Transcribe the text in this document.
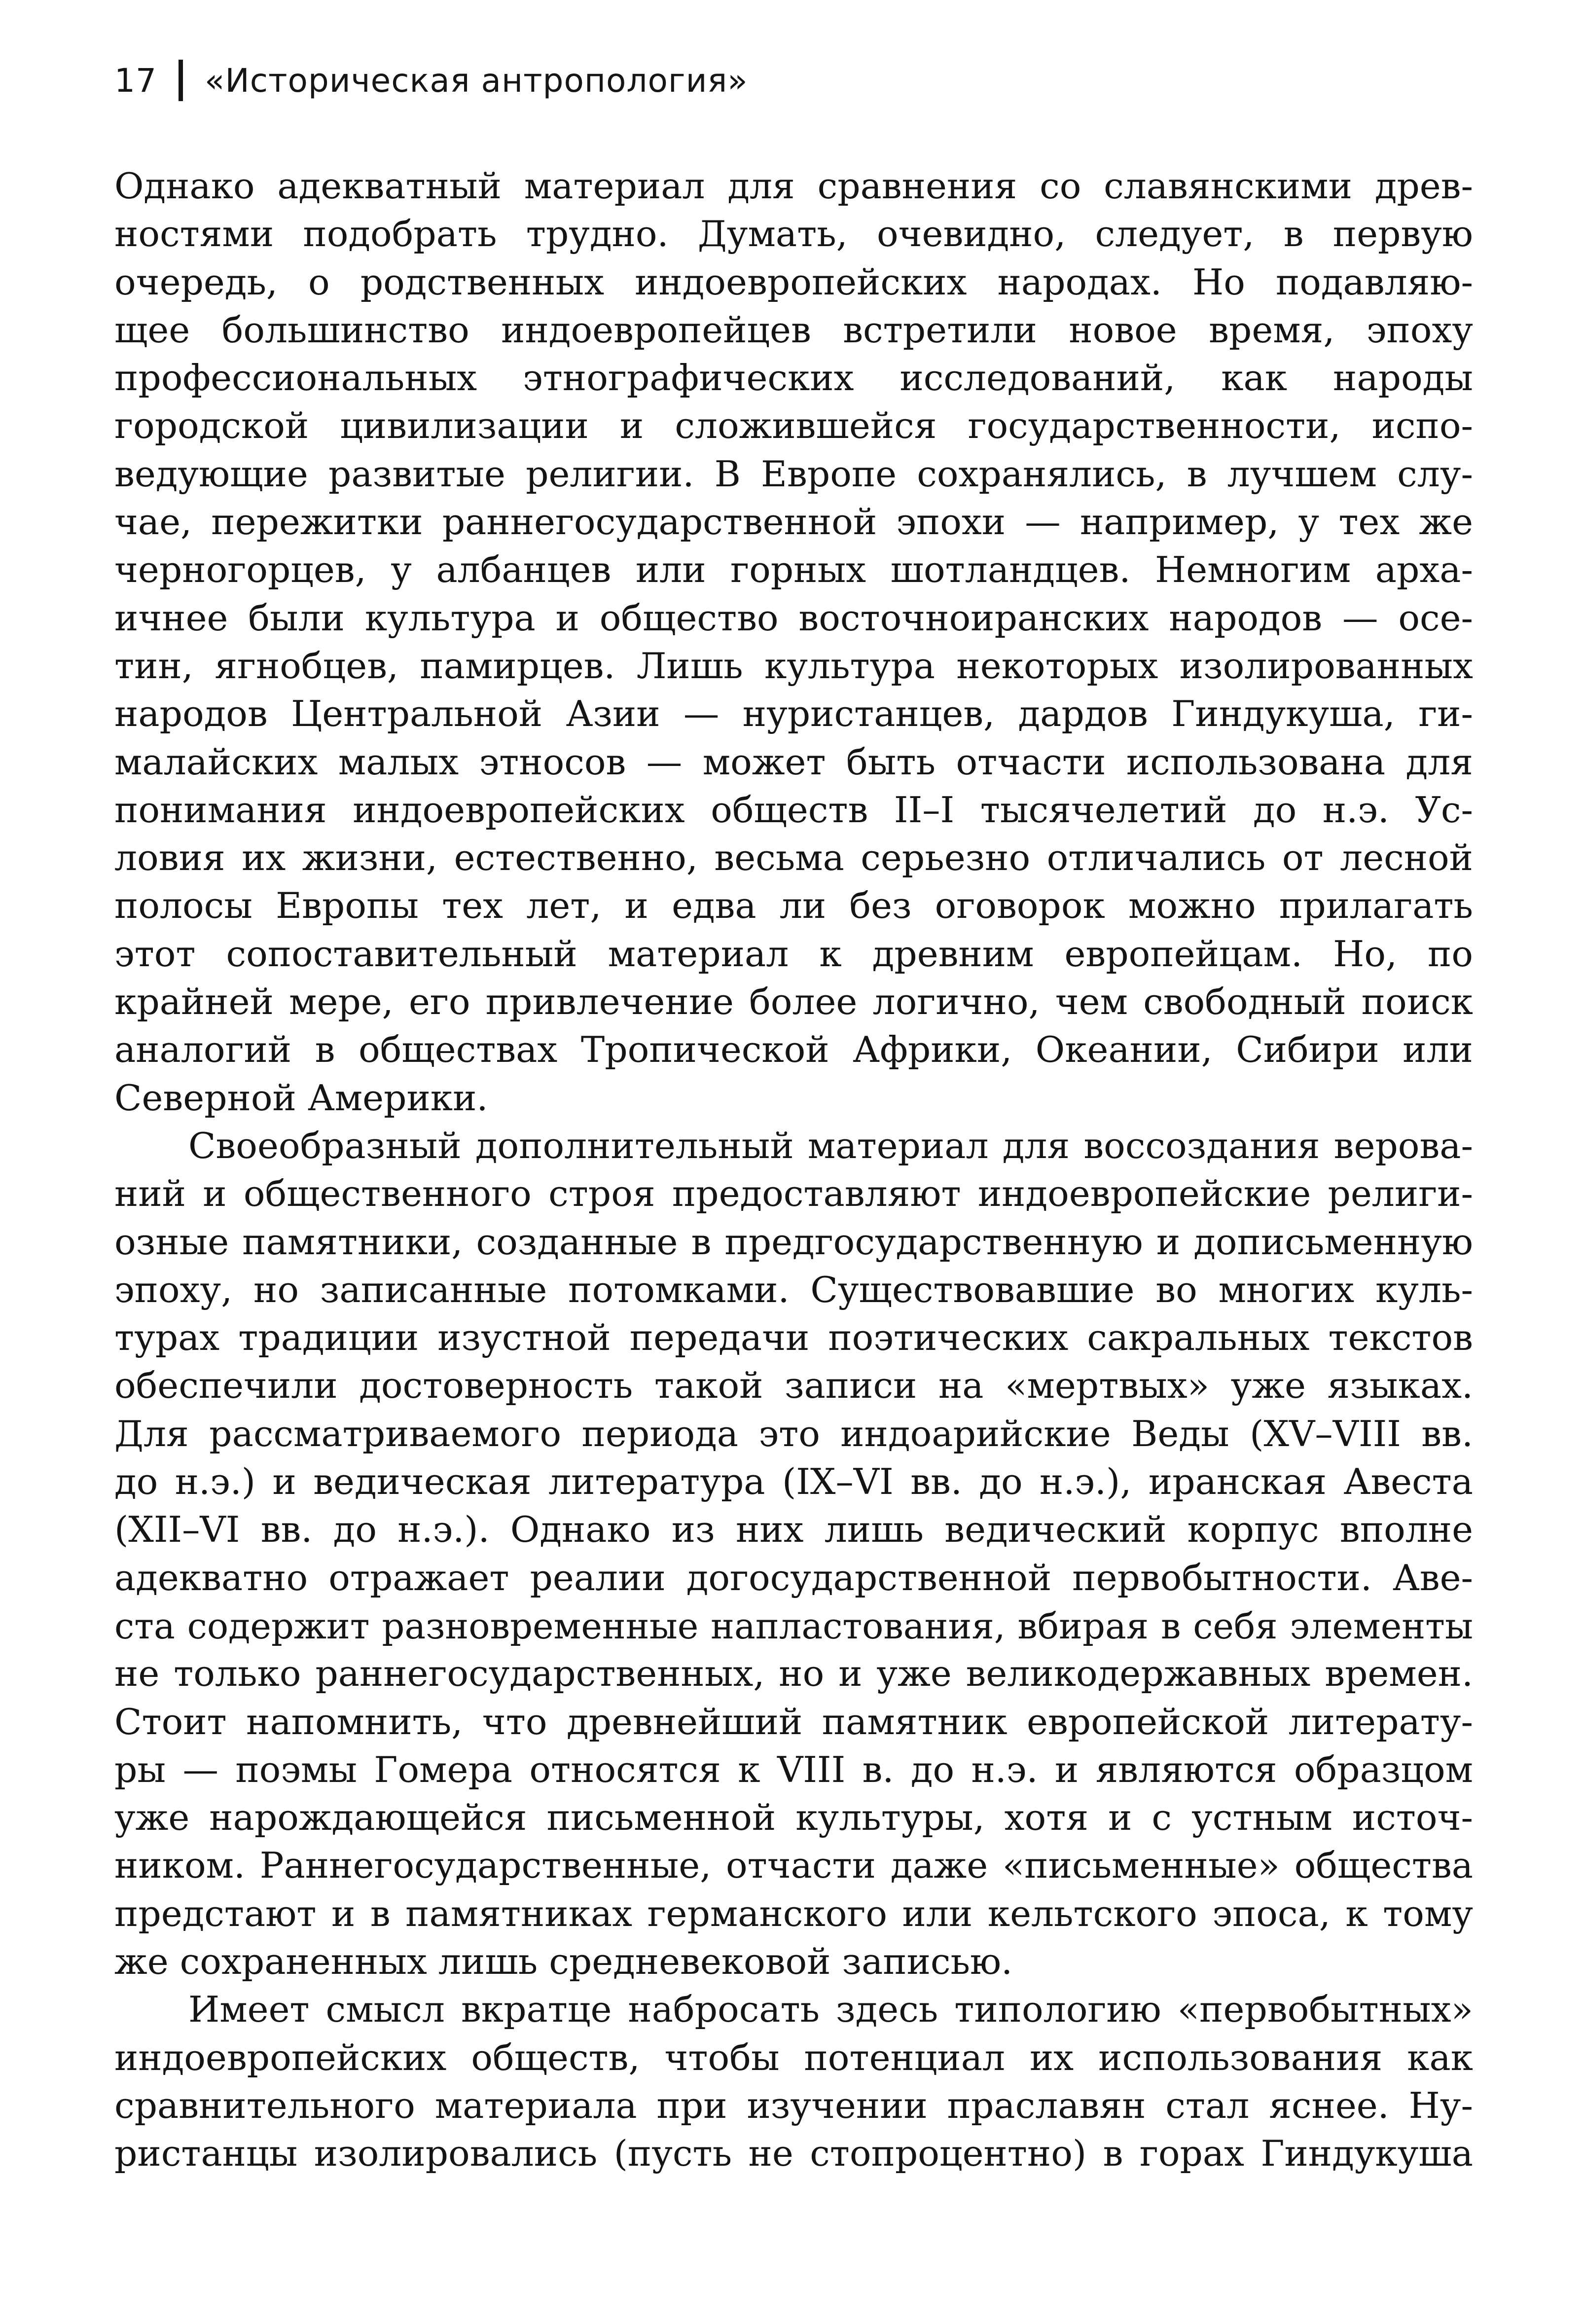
17 «Историческая антропология»

Однако адекватный материал для сравнения со славянскими древ-
ностями подобрать трудно. Думать, очевидно, следует, в первую
очередь, о родственных индоевропейских народах. Но подавляю-
щее большинство индоевропейцев встретили новое время, эпоху
профессиональных этнографических исследований, как народы
городской цивилизации и сложившейся государственности, испо-
ведующие развитые религии. В Европе сохранялись, в лучшем слу-
чае, пережитки раннегосударственной эпохи — например, у тех же
черногорцев, у албанцев или горных шотландцев. Немногим арха-
ичнее были культура и общество восточноиранских народов — осе-
тин, ягнобцев, памирцев. Лишь культура некоторых изолированных
народов Центральной Азии — нуристанцев, дардов Гиндукуша, ги-
малайских малых этносов — может быть отчасти использована для
понимания индоевропейских обществ II–I тысячелетий до н.э. Ус-
ловия их жизни, естественно, весьма серьезно отличались от лесной
полосы Европы тех лет, и едва ли без оговорок можно прилагать
этот сопоставительный материал к древним европейцам. Но, по
крайней мере, его привлечение более логично, чем свободный поиск
аналогий в обществах Тропической Африки, Океании, Сибири или
Северной Америки.

Своеобразный дополнительный материал для воссоздания верова-
ний и общественного строя предоставляют индоевропейские религи-
озные памятники, созданные в предгосударственную и дописьменную
эпоху, но записанные потомками. Существовавшие во многих куль-
турах традиции изустной передачи поэтических сакральных текстов
обеспечили достоверность такой записи на «мертвых» уже языках.
Для рассматриваемого периода это индоарийские Веды (XV–VIII вв.
до н.э.) и ведическая литература (IX–VI вв. до н.э.), иранская Авеста
(XII–VI вв. до н.э.). Однако из них лишь ведический корпус вполне
адекватно отражает реалии догосударственной первобытности. Аве-
ста содержит разновременные напластования, вбирая в себя элементы
не только раннегосударственных, но и уже великодержавных времен.
Стоит напомнить, что древнейший памятник европейской литерату-
ры — поэмы Гомера относятся к VIII в. до н.э. и являются образцом
уже нарождающейся письменной культуры, хотя и с устным источ-
ником. Раннегосударственные, отчасти даже «письменные» общества
предстают и в памятниках германского или кельтского эпоса, к тому
же сохраненных лишь средневековой записью.

Имеет смысл вкратце набросать здесь типологию «первобытных»
индоевропейских обществ, чтобы потенциал их использования как
сравнительного материала при изучении праславян стал яснее. Ну-
ристанцы изолировались (пусть не стопроцентно) в горах Гиндукуша
